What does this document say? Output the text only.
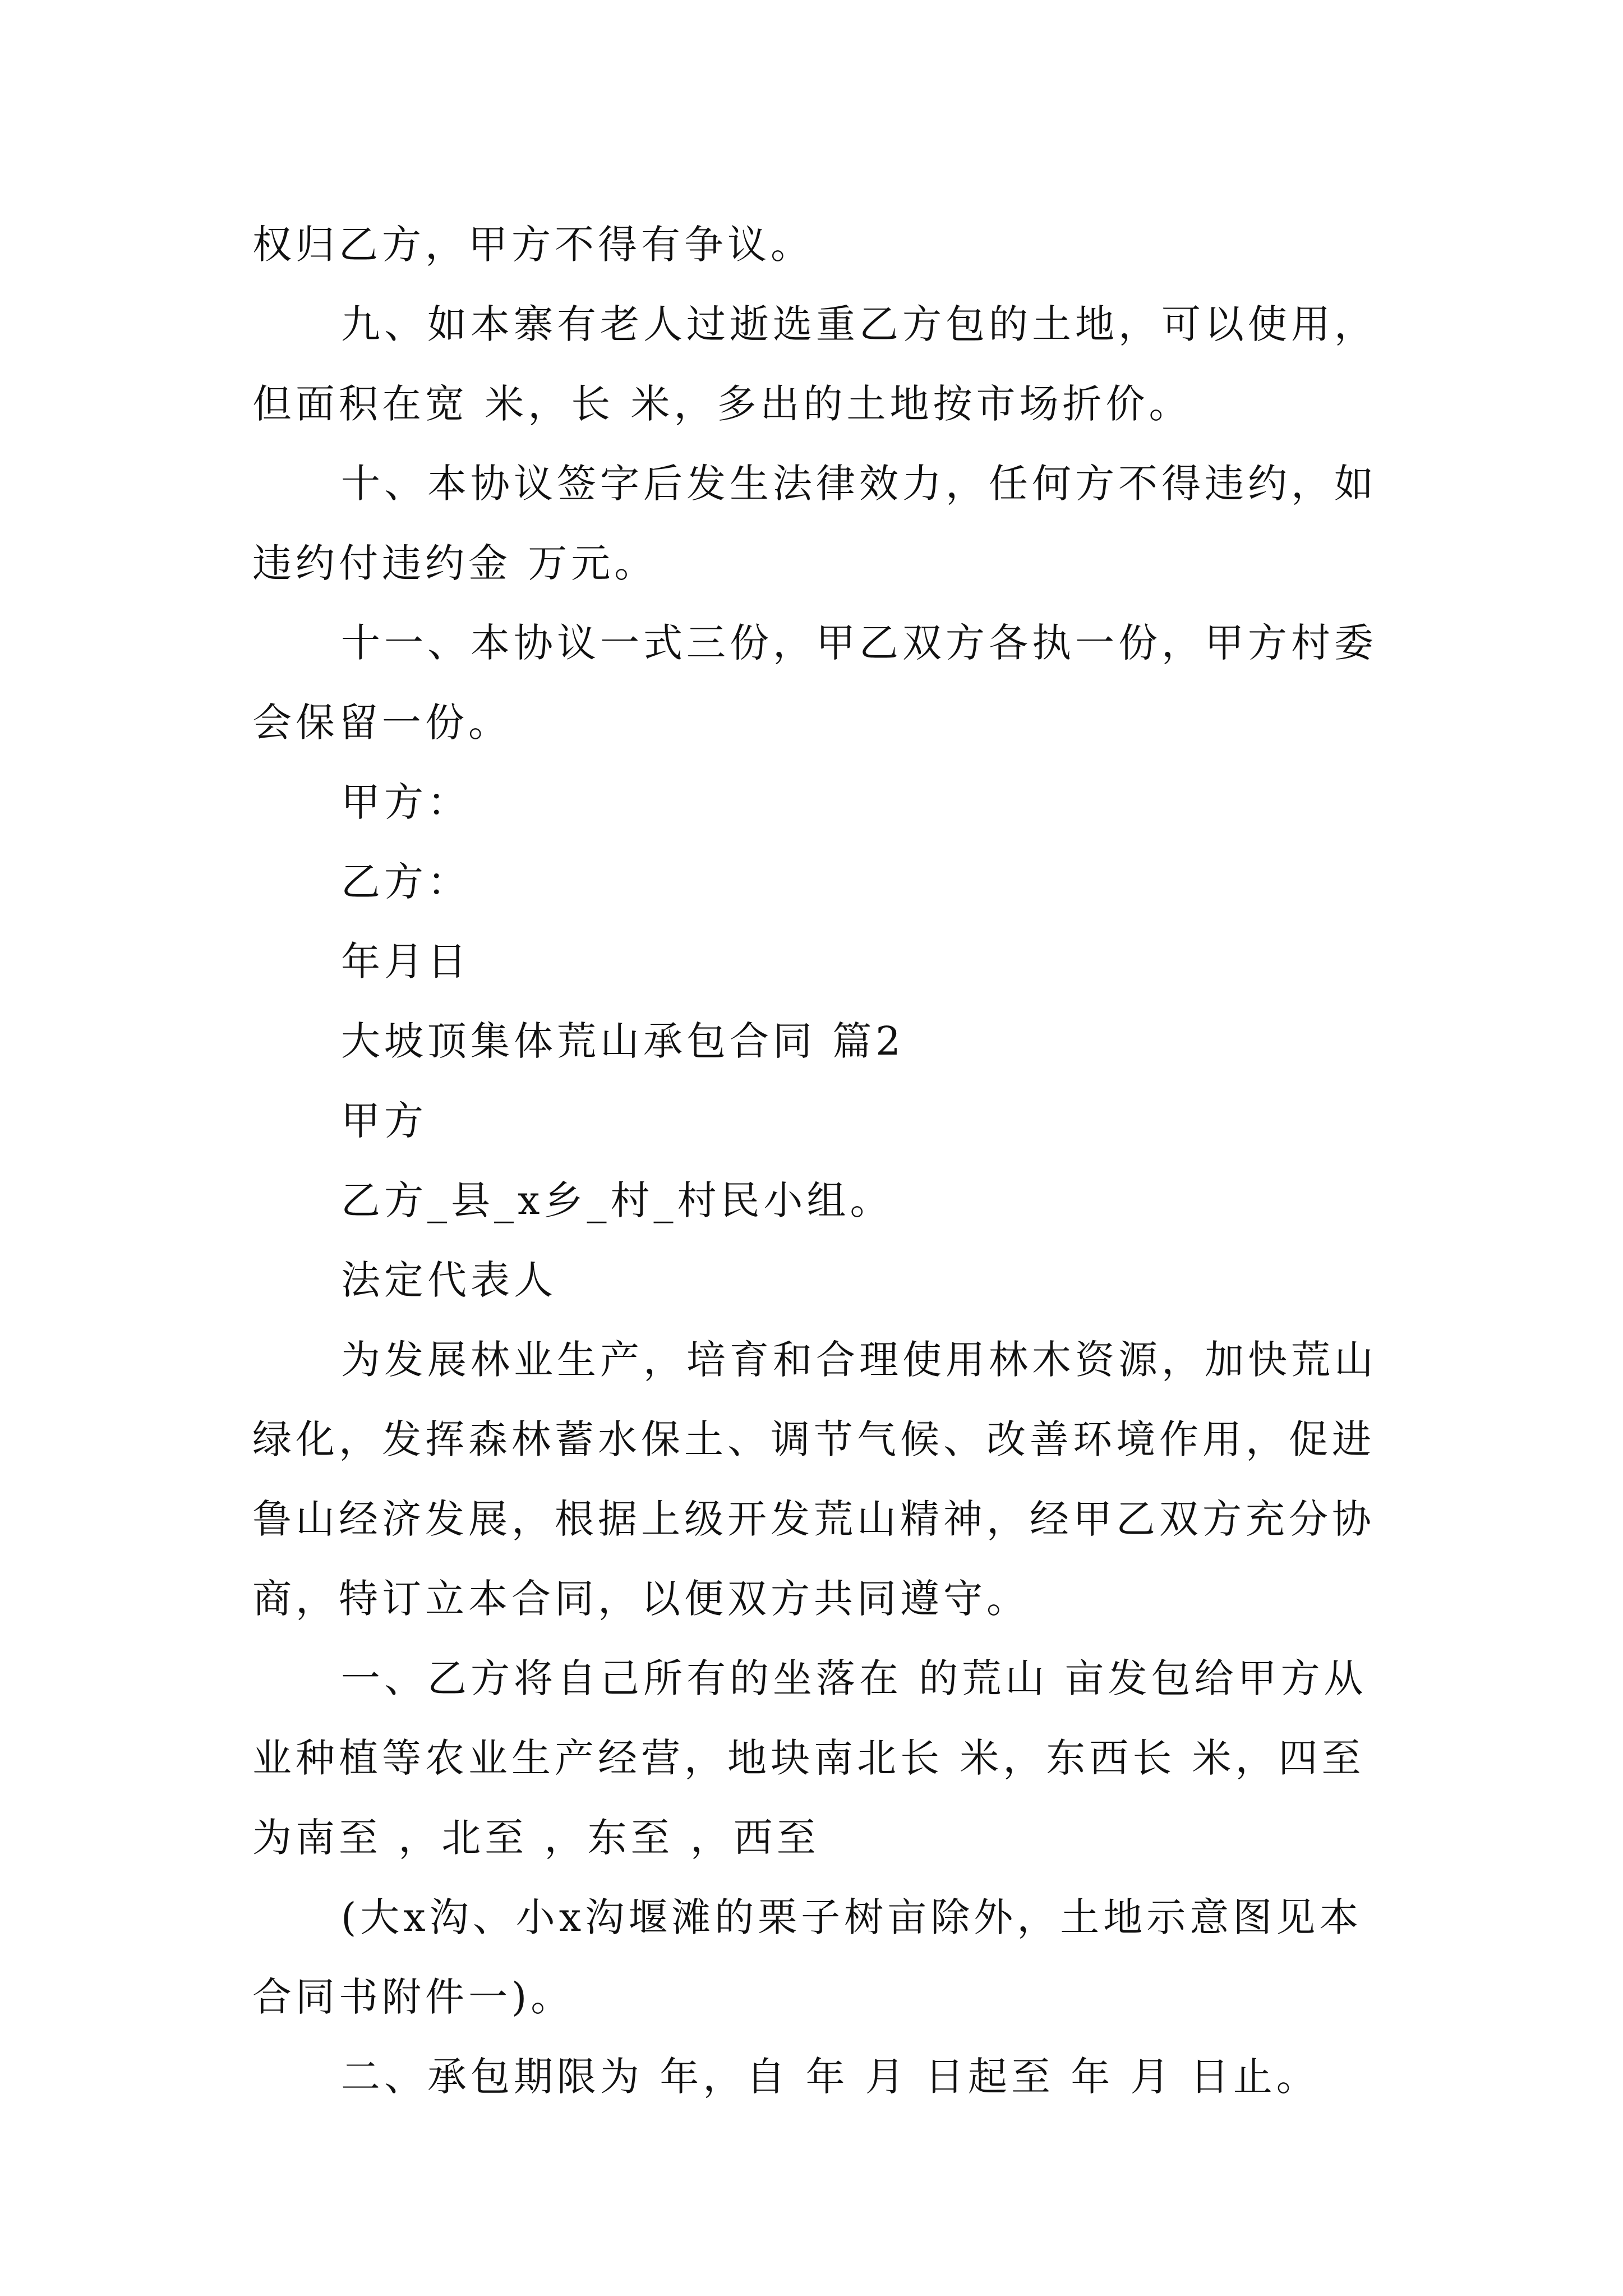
权归乙方，甲方不得有争议。

九、如本寨有老人过逝选重乙方包的土地，可以使用，但面积在宽 米，长 米，多出的土地按市场折价。

十、本协议签字后发生法律效力，任何方不得违约，如违约付违约金 万元。

十一、本协议一式三份，甲乙双方各执一份，甲方村委会保留一份。

甲方：

乙方：

年月日

大坡顶集体荒山承包合同 篇2

甲方

乙方_县_x乡_村_村民小组。

法定代表人

为发展林业生产，培育和合理使用林木资源，加快荒山绿化，发挥森林蓄水保土、调节气候、改善环境作用，促进鲁山经济发展，根据上级开发荒山精神，经甲乙双方充分协商，特订立本合同，以便双方共同遵守。

一、乙方将自己所有的坐落在 的荒山 亩发包给甲方从业种植等农业生产经营，地块南北长 米，东西长 米，四至为南至 ，北至 ，东至 ，西至

(大x沟、小x沟堰滩的栗子树亩除外，土地示意图见本合同书附件一)。

二、承包期限为 年，自 年 月 日起至 年 月 日止。
